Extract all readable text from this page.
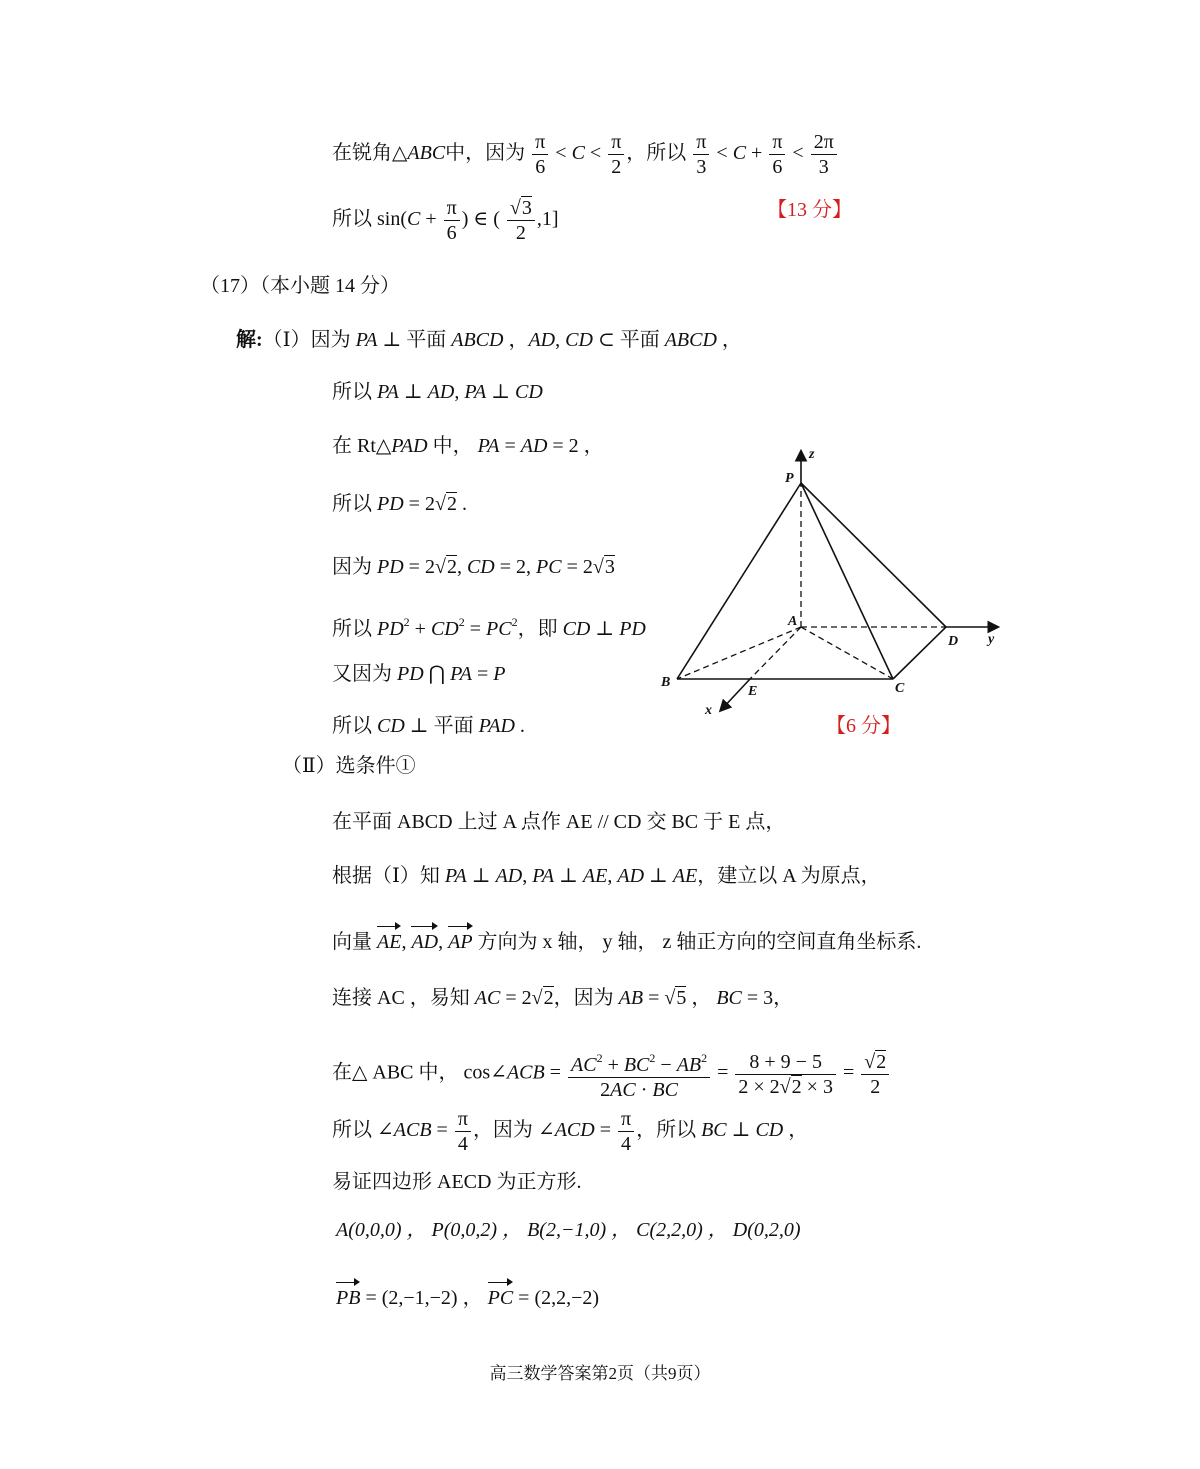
在锐角△ABC中，因为 $\frac{\pi}{6} < C < \frac{\pi}{2}$ ，所以 $\frac{\pi}{3} < C + \frac{\pi}{6} < \frac{2\pi}{3}$
所以 $\sin(C + \frac{\pi}{6}$ ) ∈ ( $\frac{√3}{2} ,1$]	【13 分】
（17）（本小题 14 分）
解:（Ⅰ）因为 PA ⊥ 平面 ABCD ，AD, CD ⊂ 平面 ABCD ，
所以 PA ⊥ AD, PA ⊥ CD
在 Rt△PAD 中， PA = AD = 2 ，
所以 PD = 2√2 .
因为 PD = 2√2, CD = 2, PC = 2√3
所以 $PD^2 + CD^2 = PC^2$，即 CD ⊥ PD
又因为 PD ⋂ PA = P
所以 CD ⊥ 平面 PAD .	【6 分】
z
P
A
D y
B	C
E
x
（Ⅱ）选条件①
在平面 ABCD 上过 A 点作 AE // CD 交 BC 于 E 点，
根据（Ⅰ）知 PA ⊥ AD, PA ⊥ AE, AD ⊥ AE，建立以 A 为原点，
向量 AE, AD, AP 方向为 x 轴， y 轴， z 轴正方向的空间直角坐标系.
连接 AC ，易知 AC = 2√2，因为 AB = √5 ， BC = 3，
在△ ABC 中， cos∠ACB = $\frac{AC^2 + BC^2 - AB^2}{2AC \cdot BC} = \frac{8 + 9 - 5}{2 \times 2√2 \times 3} = \frac{√2}{2}$
所以 ∠ACB = $\frac{\pi}{4}$ ，因为 ∠ACD = $\frac{\pi}{4}$ ，所以 BC ⊥ CD ，
易证四边形 AECD 为正方形.
A(0,0,0) ， P(0,0,2) ， B(2,−1,0) ， C(2,2,0) ， D(0,2,0)
PB = (2,−1,−2) ， PC = (2,2,−2)
高三数学答案第2页（共9页）
